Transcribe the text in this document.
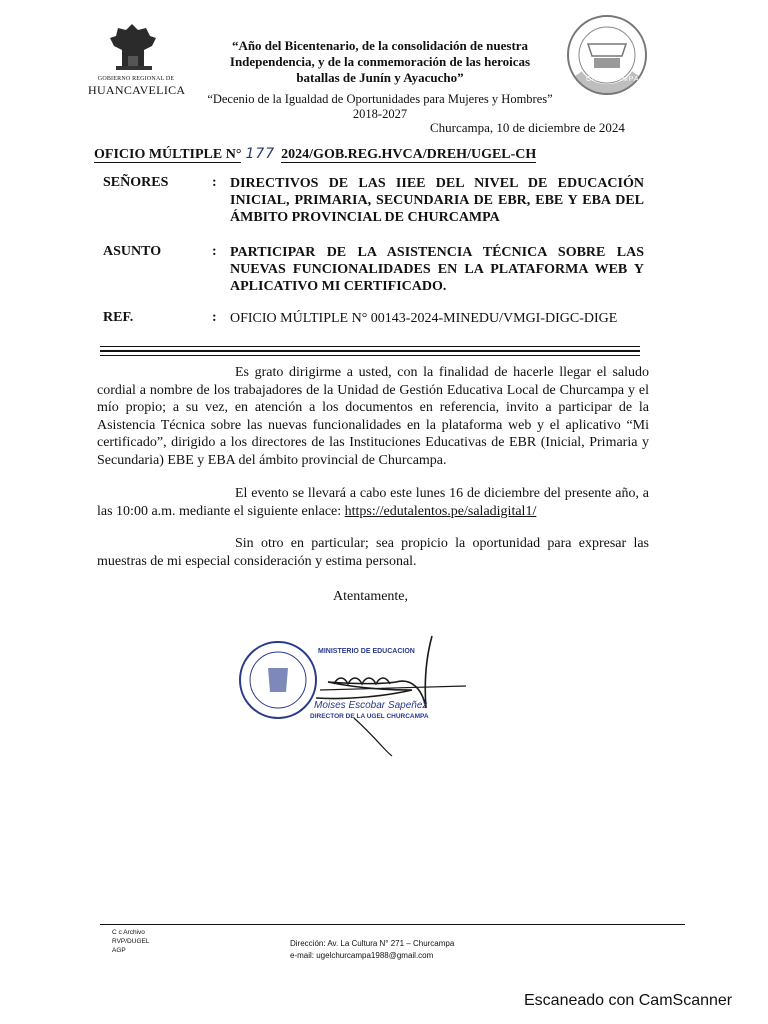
GOBIERNO REGIONAL DE
HUANCAVELICA
“Año del Bicentenario, de la consolidación de nuestra
Independencia, y de la conmemoración de las heroicas
batallas de Junín y Ayacucho”
“Decenio de la Igualdad de Oportunidades para Mujeres y Hombres”
2018-2027
CHURCAMPA
Churcampa, 10 de diciembre de 2024
OFICIO MÚLTIPLE N° 177 2024/GOB.REG.HVCA/DREH/UGEL-CH
SEÑORES	: DIRECTIVOS DE LAS IIEE DEL NIVEL DE EDUCACIÓN INICIAL, PRIMARIA, SECUNDARIA DE EBR, EBE Y EBA DEL ÁMBITO PROVINCIAL DE CHURCAMPA
ASUNTO	: PARTICIPAR DE LA ASISTENCIA TÉCNICA SOBRE LAS NUEVAS FUNCIONALIDADES EN LA PLATAFORMA WEB Y APLICATIVO MI CERTIFICADO.
REF.	: OFICIO MÚLTIPLE N° 00143-2024-MINEDU/VMGI-DIGC-DIGE
Es grato dirigirme a usted, con la finalidad de hacerle llegar el saludo cordial a nombre de los trabajadores de la Unidad de Gestión Educativa Local de Churcampa y el mío propio; a su vez, en atención a los documentos en referencia, invito a participar de la Asistencia Técnica sobre las nuevas funcionalidades en la plataforma web y el aplicativo “Mi certificado”, dirigido a los directores de las Instituciones Educativas de EBR (Inicial, Primaria y Secundaria) EBE y EBA del ámbito provincial de Churcampa.
El evento se llevará a cabo este lunes 16 de diciembre del presente año, a las 10:00 a.m. mediante el siguiente enlace: https://edutalentos.pe/saladigital1/
Sin otro en particular; sea propicio la oportunidad para expresar las muestras de mi especial consideración y estima personal.
Atentamente,
MINISTERIO DE EDUCACION
Moises Escobar Sapeñez
DIRECTOR DE LA UGEL CHURCAMPA
C c Archivo
RVP/DUGEL
AGP
Dirección: Av. La Cultura N° 271 – Churcampa
e-mail: ugelchurcampa1988@gmail.com
Escaneado con CamScanner
